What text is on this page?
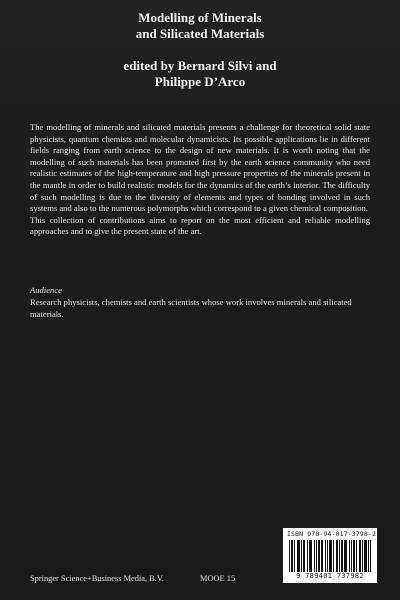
Modelling of Minerals
and Silicated Materials
edited by Bernard Silvi and
Philippe D’Arco

The modelling of minerals and silicated materials presents a challenge for theoretical solid state physicists, quantum chemists and molecular dynamicists. Its possible applications lie in different fields ranging from earth science to the design of new materials. It is worth noting that the modelling of such materials has been promoted first by the earth science community who need realistic estimates of the high-temperature and high pressure properties of the minerals present in the mantle in order to build realistic models for the dynamics of the earth’s interior. The difficulty of such modelling is due to the diversity of elements and types of bonding involved in such systems and also to the numerous polymorphs which correspond to a given chemical composition.

This collection of contributions aims to report on the most efficient and reliable modelling approaches and to give the present state of the art.

Audience
Research physicists, chemists and earth scientists whose work involves minerals and silicated materials.
ISBN 978-94-017-3798-2
9 789401 737982
Springer Science+Business Media, B.V.	MOOE 15
